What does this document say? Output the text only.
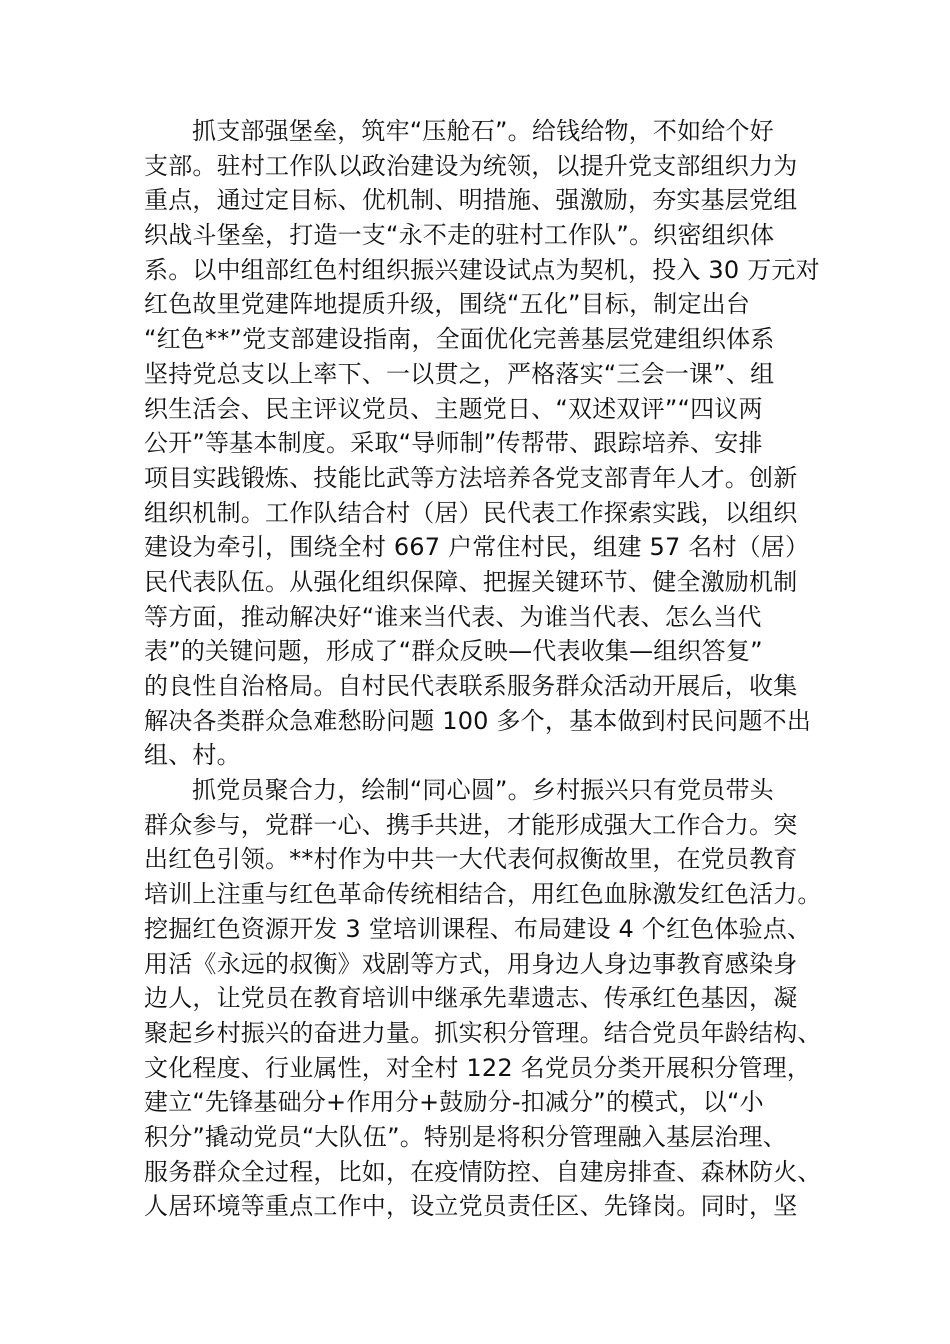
抓支部强堡垒，筑牢“压舱石”。给钱给物，不如给个好
支部。驻村工作队以政治建设为统领，以提升党支部组织力为
重点，通过定目标、优机制、明措施、强激励，夯实基层党组
织战斗堡垒，打造一支“永不走的驻村工作队”。织密组织体
系。以中组部红色村组织振兴建设试点为契机，投入 30 万元对
红色故里党建阵地提质升级，围绕“五化”目标，制定出台
“红色**”党支部建设指南，全面优化完善基层党建组织体系
坚持党总支以上率下、一以贯之，严格落实“三会一课”、组
织生活会、民主评议党员、主题党日、“双述双评”“四议两
公开”等基本制度。采取“导师制”传帮带、跟踪培养、安排
项目实践锻炼、技能比武等方法培养各党支部青年人才。创新
组织机制。工作队结合村（居）民代表工作探索实践，以组织
建设为牵引，围绕全村 667 户常住村民，组建 57 名村（居）
民代表队伍。从强化组织保障、把握关键环节、健全激励机制
等方面，推动解决好“谁来当代表、为谁当代表、怎么当代
表”的关键问题，形成了“群众反映—代表收集—组织答复”
的良性自治格局。自村民代表联系服务群众活动开展后，收集
解决各类群众急难愁盼问题 100 多个，基本做到村民问题不出
组、村。
抓党员聚合力，绘制“同心圆”。乡村振兴只有党员带头
群众参与，党群一心、携手共进，才能形成强大工作合力。突
出红色引领。**村作为中共一大代表何叔衡故里，在党员教育
培训上注重与红色革命传统相结合，用红色血脉激发红色活力。
挖掘红色资源开发 3 堂培训课程、布局建设 4 个红色体验点、
用活《永远的叔衡》戏剧等方式，用身边人身边事教育感染身
边人，让党员在教育培训中继承先辈遗志、传承红色基因，凝
聚起乡村振兴的奋进力量。抓实积分管理。结合党员年龄结构、
文化程度、行业属性，对全村 122 名党员分类开展积分管理，
建立“先锋基础分+作用分+鼓励分-扣减分”的模式，以“小
积分”撬动党员“大队伍”。特别是将积分管理融入基层治理、
服务群众全过程，比如，在疫情防控、自建房排查、森林防火、
人居环境等重点工作中，设立党员责任区、先锋岗。同时，坚
